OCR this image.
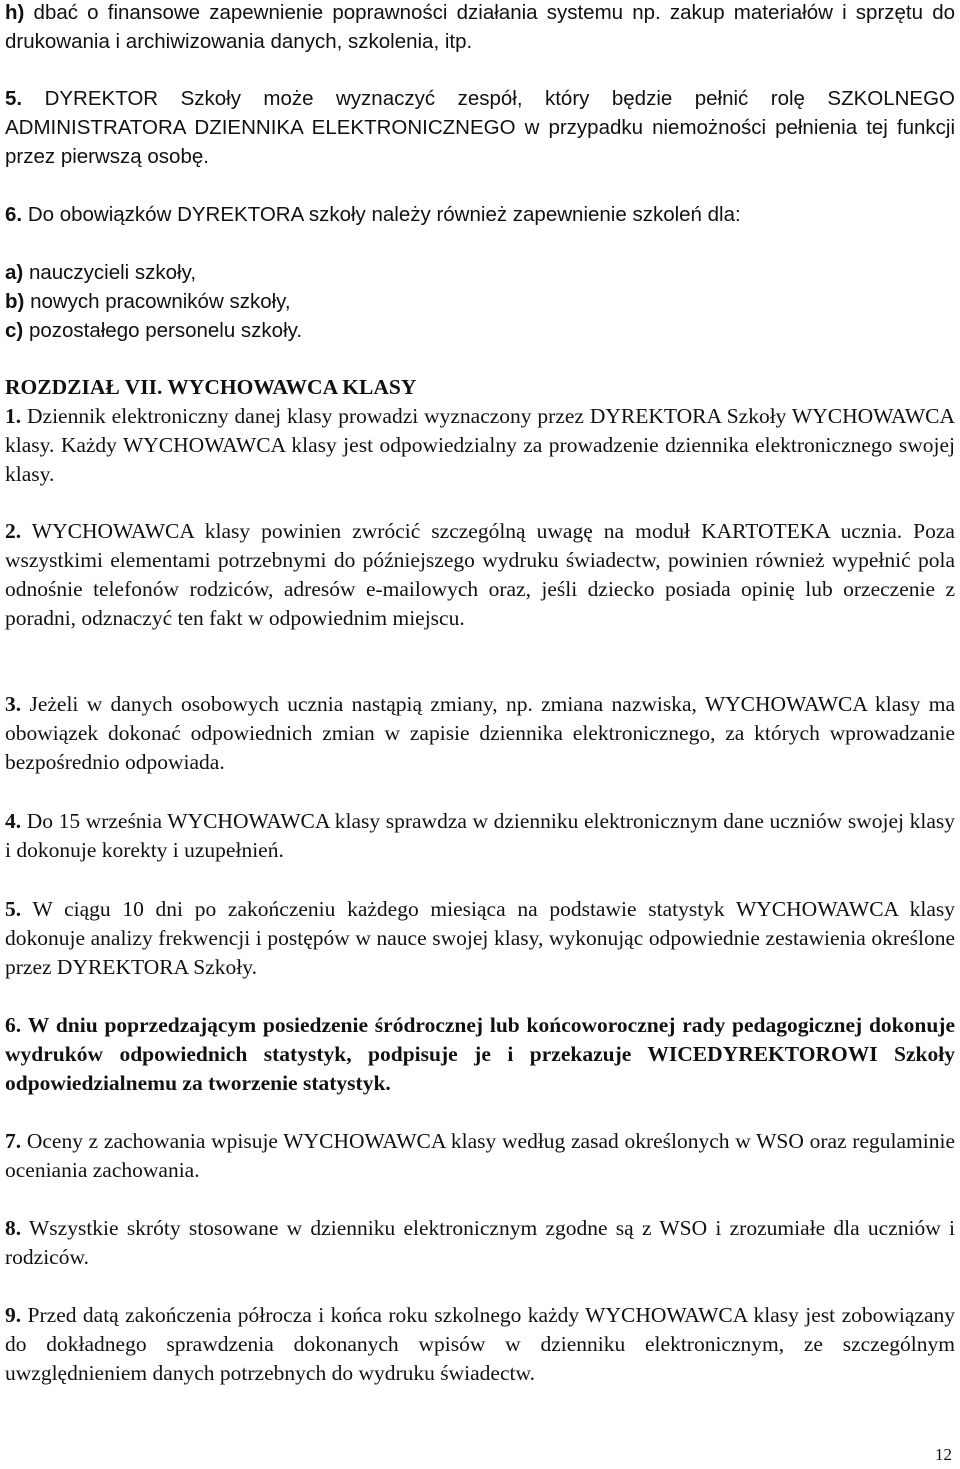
h) dbać o finansowe zapewnienie poprawności działania systemu np. zakup materiałów i sprzętu do drukowania i archiwizowania danych, szkolenia, itp.

5. DYREKTOR Szkoły może wyznaczyć zespół, który będzie pełnić rolę SZKOLNEGO ADMINISTRATORA DZIENNIKA ELEKTRONICZNEGO w przypadku niemożności pełnienia tej funkcji przez pierwszą osobę.

6. Do obowiązków DYREKTORA szkoły należy również zapewnienie szkoleń dla:

a) nauczycieli szkoły,
b) nowych pracowników szkoły,
c) pozostałego personelu szkoły.

ROZDZIAŁ VII. WYCHOWAWCA KLASY

1. Dziennik elektroniczny danej klasy prowadzi wyznaczony przez DYREKTORA Szkoły WYCHOWAWCA klasy. Każdy WYCHOWAWCA klasy jest odpowiedzialny za prowadzenie dziennika elektronicznego swojej klasy.

2. WYCHOWAWCA klasy powinien zwrócić szczególną uwagę na moduł KARTOTEKA ucznia. Poza wszystkimi elementami potrzebnymi do późniejszego wydruku świadectw, powinien również wypełnić pola odnośnie telefonów rodziców, adresów e-mailowych oraz, jeśli dziecko posiada opinię lub orzeczenie z poradni, odznaczyć ten fakt w odpowiednim miejscu.

3. Jeżeli w danych osobowych ucznia nastąpią zmiany, np. zmiana nazwiska, WYCHOWAWCA klasy ma obowiązek dokonać odpowiednich zmian w zapisie dziennika elektronicznego, za których wprowadzanie bezpośrednio odpowiada.

4. Do 15 września WYCHOWAWCA klasy sprawdza w dzienniku elektronicznym dane uczniów swojej klasy i dokonuje korekty i uzupełnień.

5. W ciągu 10 dni po zakończeniu każdego miesiąca na podstawie statystyk WYCHOWAWCA klasy dokonuje analizy frekwencji i postępów w nauce swojej klasy, wykonując odpowiednie zestawienia określone przez DYREKTORA Szkoły.

6. W dniu poprzedzającym posiedzenie śródrocznej lub końcoworocznej rady pedagogicznej dokonuje wydruków odpowiednich statystyk, podpisuje je i przekazuje WICEDYREKTOROWI Szkoły odpowiedzialnemu za tworzenie statystyk.

7. Oceny z zachowania wpisuje WYCHOWAWCA klasy według zasad określonych w WSO oraz regulaminie oceniania zachowania.

8. Wszystkie skróty stosowane w dzienniku elektronicznym zgodne są z WSO i zrozumiałe dla uczniów i rodziców.

9. Przed datą zakończenia półrocza i końca roku szkolnego każdy WYCHOWAWCA klasy jest zobowiązany do dokładnego sprawdzenia dokonanych wpisów w dzienniku elektronicznym, ze szczególnym uwzględnieniem danych potrzebnych do wydruku świadectw.

12
